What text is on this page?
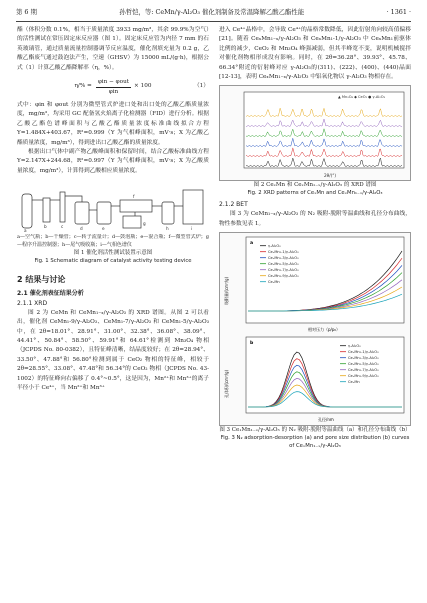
第 6 期	孙哲恺，等: CeMn/γ-Al₂O₃ 催化剂制备及常温降解乙酸乙酯性能	· 1361 ·

酯（体积分数 0.1%，相当于质量浓度 3933 mg/m³，其余 99.9%为空气）的活性测试在常压固定床反应器（图 1）。固定床反应管为内径 7 mm 的石英玻璃管，通过质量流量控制器调节反应温度，催化剂填充量为 0.2 g，乙酸乙酯废气通过鼓泡法产生，空速（GHSV）为 15000 mL/(g·h)，根据公式（1）计算乙酸乙酯降解率（η，%）。

$\eta/\% = \frac{\text{φin − φout}}{\text{φin}} \times 100$	（1）

式中：φin 和 φout 分别为微型管式炉进口处和出口处的乙酸乙酯质量浓度，mg/m³，均采用 GC 配备氢火焰离子化检测器（FID）进行分析。根据乙酸乙酯色谱峰面积与乙酸乙酯质量浓度标准曲线拟合方程 Y=1.484X+403.67，R²=0.999（Y 为气相峰面积，mV·s；X 为乙酸乙酯质量浓度，mg/m³），得到进出口乙酸乙酯的质量浓度。

根据出口气体中副产物乙酸峰面积和保留时间，结合乙酸标准曲线方程 Y=2.147X+244.68，R²=0.997（Y 为气相峰面积，mV·s；X 为乙酸质量浓度，mg/m³），计算得到乙酸相应质量浓度。

a
b	c	d	e
f
g
h	i

a—空气瓶；b—干燥管；c—转子流量计；d—鼓泡瓶；e—混合瓶；f—微型管式炉；g—程序升温控制器；h—尾气吸收瓶；i—气相色谱仪

图 1 催化剂活性测试装置示意图
Fig. 1 Schematic diagram of catalyst activity testing device
2 结果与讨论
2.1 催化剂表征结果分析
2.1.1 XRD

图 2 为 CeMn 和 CeMn₁₋ₓ/γ-Al₂O₃ 的 XRD 谱图。从图 2 可以看出，催化剂 CeMn₁-9/γ-Al₂O₃、CeMn₁-7/γ-Al₂O₃ 和 CeMn₁-5/γ-Al₂O₃ 中，在 2θ=18.01°、28.91°、31.00°、32.38°、36.08°、38.09°、44.41°、50.84°、58.50°、59.91°和 64.61°检测到 Mn₃O₄ 物相（JCPDS No. 80-0382），且特征峰清晰，结晶度较好；在 2θ=28.94°、33.50°、47.88°和 56.80°检测到属于 CeO₂ 物相的特征峰，相较于 2θ=28.55°、33.08°、47.48°和 56.34°的 CeO₂ 物相（JCPDS No. 43-1002）的特征峰向右偏移了 0.4°~0.5°，这是因为，Mn²⁺和 Mn³⁺的离子半径小于 Ce⁴⁺，当 Mn²⁺和 Mn³⁺

进入 Ce⁴⁺晶格中，会导致 Ce⁴⁺的晶格常数降低，因此衍射角向较高值偏移[21]。随着 CeₓMn₁₋ₓ/γ-Al₂O₃ 和 CeₓMn₁-1/γ-Al₂O₃ 中 CeₓMn₁前驱体比例的减少，CeO₂ 和 Mn₃O₄ 峰强减弱，但其半峰宽不变，说明机械搅拌对催化剂物相形成没有影响。同时，在 2θ=36.28°、39.93°、45.78、66.34°附近的衍射峰对应 γ-Al₂O₃的(311)、(222)、(400)、(440)晶面[12-13]，表明 CeₓMn₁₋ₓ/γ-Al₂O₃ 中铝氧化物以 γ-Al₂O₃ 物相存在。

▲ Mn₃O₄ ◆ CeO₂ ● γ-Al₂O₃
2θ/(°)
图 2 CeₓMn 和 CeₓMn₁₋ₓ/γ-Al₂O₃ 的 XRD 谱图
Fig. 2 XRD patterns of CeₓMn and CeₓMn₁₋ₓ/γ-Al₂O₃
2.1.2 BET

图 3 为 CeMn₁₋ₓ/γ-Al₂O₃ 的 N₂ 吸附-脱附等温曲线和孔径分布曲线，物性参数见表 1。

a
吸附量/(cm³/g)
相对压力（p/p₀）
γ-Al₂O₃
CeₓMn₁-1/γ-Al₂O₃
CeₓMn₁-3/γ-Al₂O₃
CeₓMn₁-5/γ-Al₂O₃
CeₓMn₁-7/γ-Al₂O₃
CeₓMn₁-9/γ-Al₂O₃
CeₓMn
b
孔体积/(cm³/g)
孔径/nm
γ-Al₂O₃
CeₓMn₁-1/γ-Al₂O₃
CeₓMn₁-3/γ-Al₂O₃
CeₓMn₁-5/γ-Al₂O₃
CeₓMn₁-7/γ-Al₂O₃
CeₓMn₁-9/γ-Al₂O₃
CeₓMn
图 3 Ce₁Mn₁₋ₓ/γ-Al₂O₃ 的 N₂ 吸附-脱附等温曲线（a）和孔径分布曲线（b）
Fig. 3 N₂ adsorption-desorption (a) and pore size distribution (b) curves of CeₓMn₁₋ₓ/γ-Al₂O₃
